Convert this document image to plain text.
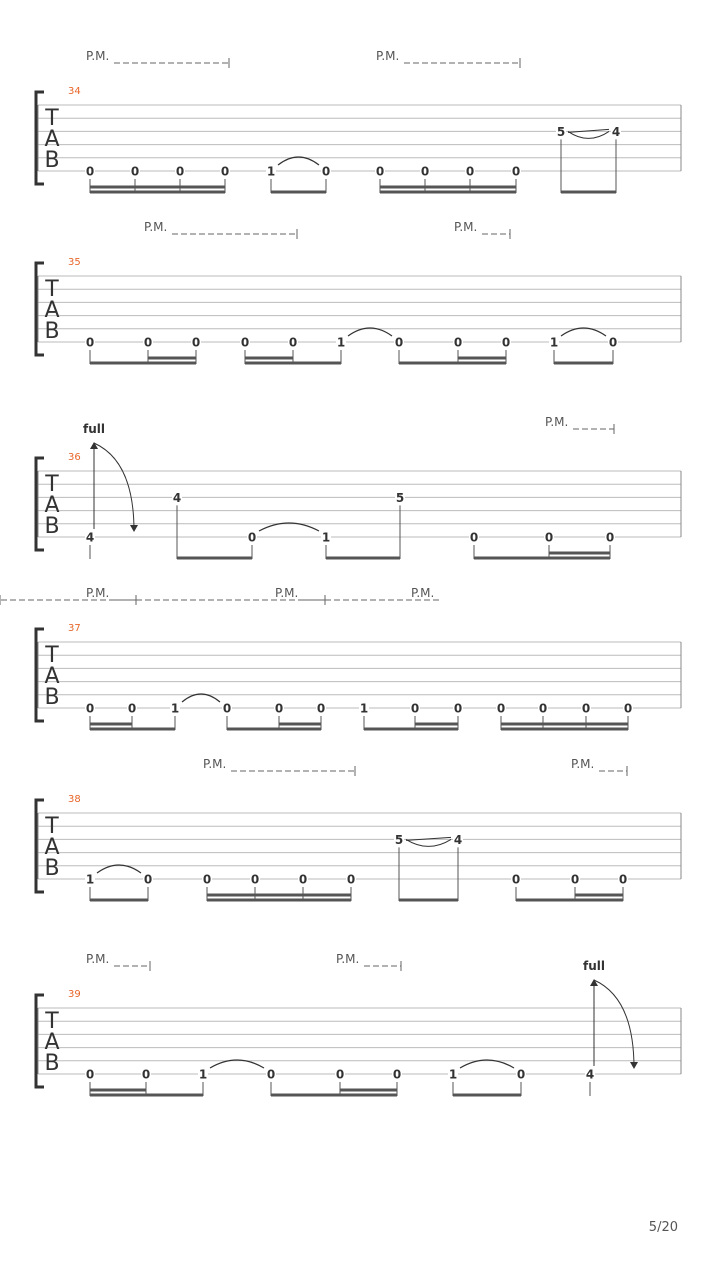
T
A
B
34
P.M.	P.M.
0	0	0	0	1	0	0	0	0	0
5	4
T
A
B
35
P.M.	P.M.
0	0	0	0	0	1	0	0	0	1	0
T
A
B
36
P.M.
full
4
4
0	1
5
0	0	0
T
A
B
37
P.M.	P.M.	P.M.
0	0	1	0	0	0	1	0	0	0	0	0	0
T
A
B
38
P.M.	P.M.
1	0	0	0	0	0
5	4
0	0	0
T
A
B
39
P.M.	P.M.	full
0	0	1	0	0	0	1	0	4
5/20
